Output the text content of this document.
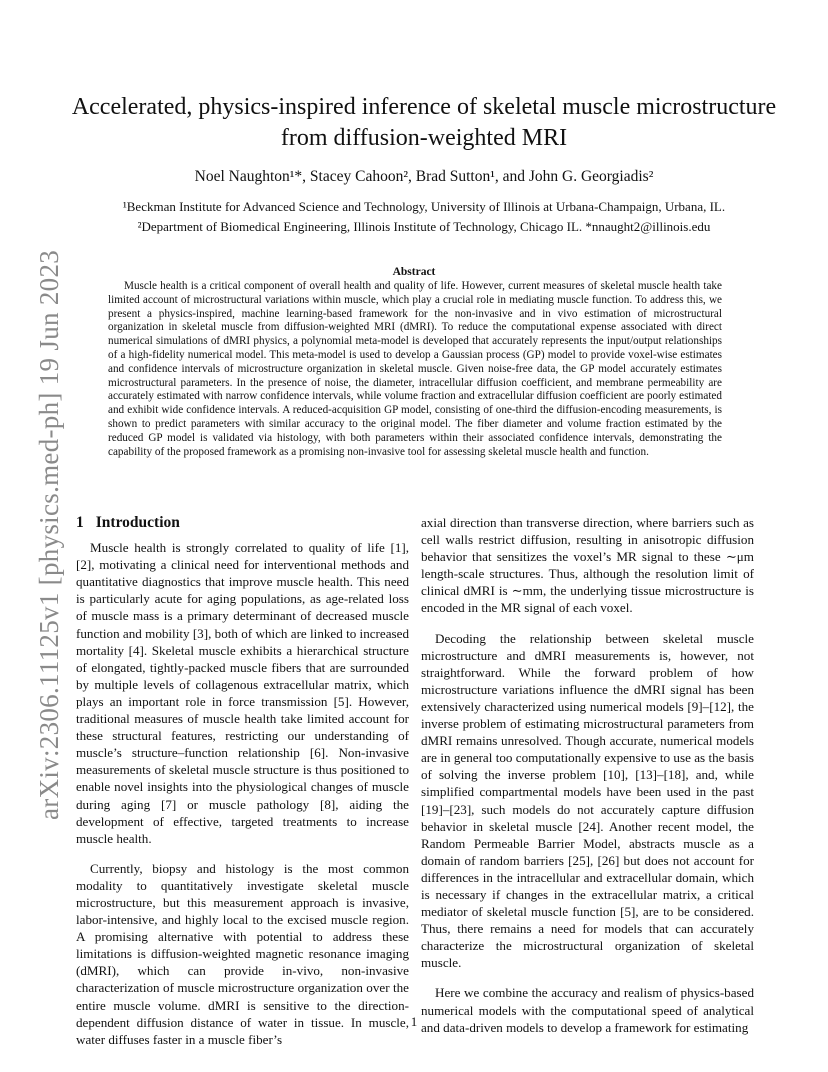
arXiv:2306.11125v1 [physics.med-ph] 19 Jun 2023
Accelerated, physics-inspired inference of skeletal muscle microstructure from diffusion-weighted MRI
Noel Naughton¹*, Stacey Cahoon², Brad Sutton¹, and John G. Georgiadis²
¹Beckman Institute for Advanced Science and Technology, University of Illinois at Urbana-Champaign, Urbana, IL.
²Department of Biomedical Engineering, Illinois Institute of Technology, Chicago IL. *nnaught2@illinois.edu
Abstract

Muscle health is a critical component of overall health and quality of life. However, current measures of skeletal muscle health take limited account of microstructural variations within muscle, which play a crucial role in mediating muscle function. To address this, we present a physics-inspired, machine learning-based framework for the non-invasive and in vivo estimation of microstructural organization in skeletal muscle from diffusion-weighted MRI (dMRI). To reduce the computational expense associated with direct numerical simulations of dMRI physics, a polynomial meta-model is developed that accurately represents the input/output relationships of a high-fidelity numerical model. This meta-model is used to develop a Gaussian process (GP) model to provide voxel-wise estimates and confidence intervals of microstructure organization in skeletal muscle. Given noise-free data, the GP model accurately estimates microstructural parameters. In the presence of noise, the diameter, intracellular diffusion coefficient, and membrane permeability are accurately estimated with narrow confidence intervals, while volume fraction and extracellular diffusion coefficient are poorly estimated and exhibit wide confidence intervals. A reduced-acquisition GP model, consisting of one-third the diffusion-encoding measurements, is shown to predict parameters with similar accuracy to the original model. The fiber diameter and volume fraction estimated by the reduced GP model is validated via histology, with both parameters within their associated confidence intervals, demonstrating the capability of the proposed framework as a promising non-invasive tool for assessing skeletal muscle health and function.

1 Introduction

Muscle health is strongly correlated to quality of life [1], [2], motivating a clinical need for interventional methods and quantitative diagnostics that improve muscle health. This need is particularly acute for aging populations, as age-related loss of muscle mass is a primary determinant of decreased muscle function and mobility [3], both of which are linked to increased mortality [4]. Skeletal muscle exhibits a hierarchical structure of elongated, tightly-packed muscle fibers that are surrounded by multiple levels of collagenous extracellular matrix, which plays an important role in force transmission [5]. However, traditional measures of muscle health take limited account for these structural features, restricting our understanding of muscle’s structure–function relationship [6]. Non-invasive measurements of skeletal muscle structure is thus positioned to enable novel insights into the physiological changes of muscle during aging [7] or muscle pathology [8], aiding the development of effective, targeted treatments to increase muscle health.

Currently, biopsy and histology is the most common modality to quantitatively investigate skeletal muscle microstructure, but this measurement approach is invasive, labor-intensive, and highly local to the excised muscle region. A promising alternative with potential to address these limitations is diffusion-weighted magnetic resonance imaging (dMRI), which can provide in-vivo, non-invasive characterization of muscle microstructure organization over the entire muscle volume. dMRI is sensitive to the direction-dependent diffusion distance of water in tissue. In muscle, water diffuses faster in a muscle fiber’s

axial direction than transverse direction, where barriers such as cell walls restrict diffusion, resulting in anisotropic diffusion behavior that sensitizes the voxel’s MR signal to these ∼μm length-scale structures. Thus, although the resolution limit of clinical dMRI is ∼mm, the underlying tissue microstructure is encoded in the MR signal of each voxel.

Decoding the relationship between skeletal muscle microstructure and dMRI measurements is, however, not straightforward. While the forward problem of how microstructure variations influence the dMRI signal has been extensively characterized using numerical models [9]–[12], the inverse problem of estimating microstructural parameters from dMRI remains unresolved. Though accurate, numerical models are in general too computationally expensive to use as the basis of solving the inverse problem [10], [13]–[18], and, while simplified compartmental models have been used in the past [19]–[23], such models do not accurately capture diffusion behavior in skeletal muscle [24]. Another recent model, the Random Permeable Barrier Model, abstracts muscle as a domain of random barriers [25], [26] but does not account for differences in the intracellular and extracellular domain, which is necessary if changes in the extracellular matrix, a critical mediator of skeletal muscle function [5], are to be considered. Thus, there remains a need for models that can accurately characterize the microstructural organization of skeletal muscle.

Here we combine the accuracy and realism of physics-based numerical models with the computational speed of analytical and data-driven models to develop a framework for estimating

1
